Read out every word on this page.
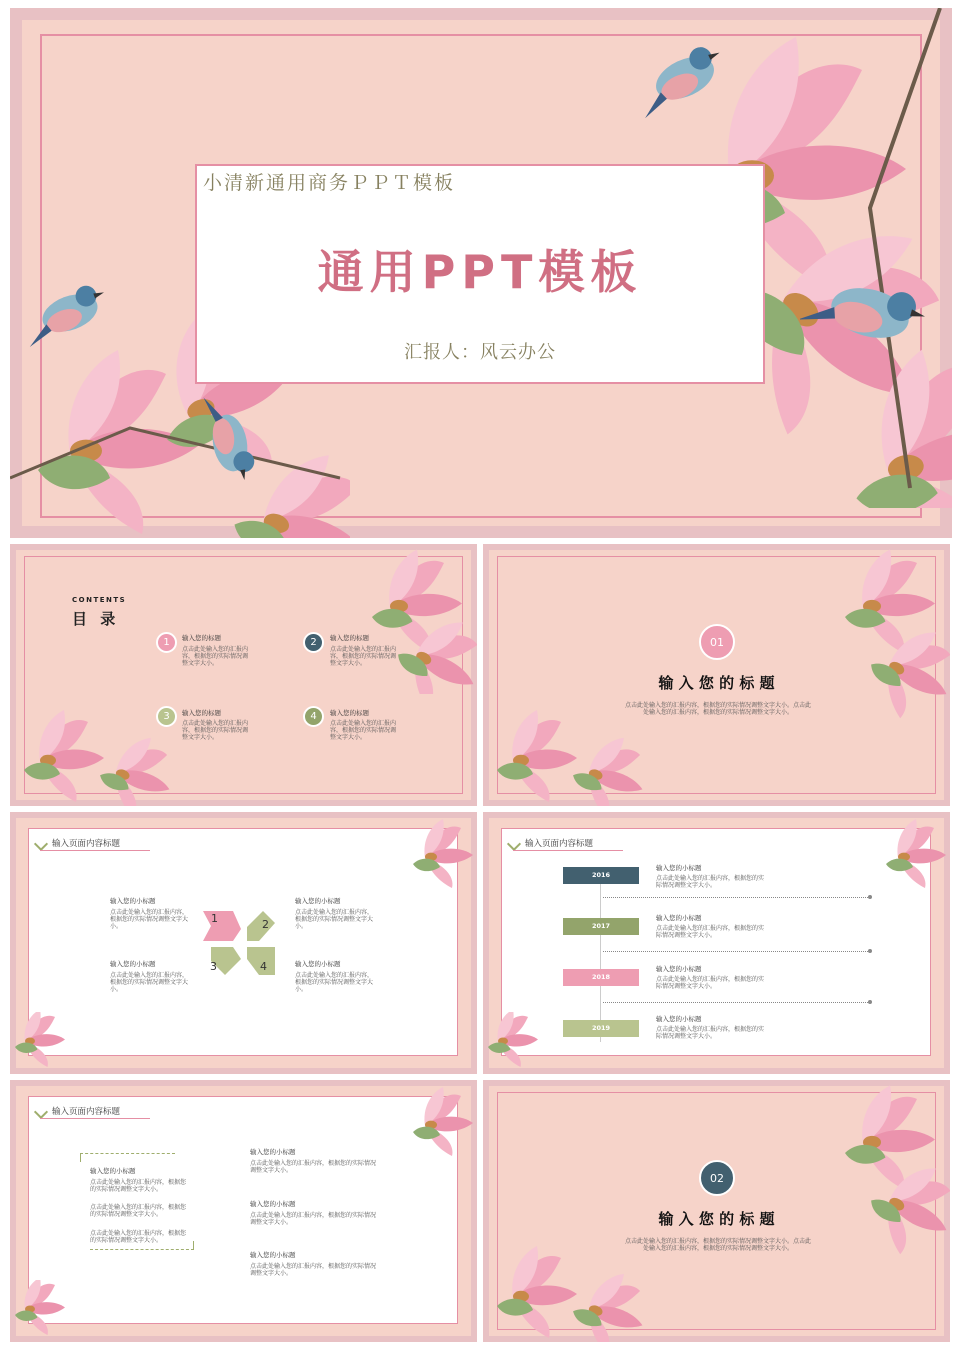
小清新通用商务ＰＰＴ模板
通用PPT模板
汇报人：风云办公
CONTENTS
目 录
1	输入您的标题
点击此处输入您的汇报内容，根据您的实际情况调整文字大小。
2	输入您的标题
点击此处输入您的汇报内容，根据您的实际情况调整文字大小。
3	输入您的标题
点击此处输入您的汇报内容，根据您的实际情况调整文字大小。
4	输入您的标题
点击此处输入您的汇报内容，根据您的实际情况调整文字大小。
01
输 入 您 的 标 题
点击此处输入您的汇报内容，根据您的实际情况调整文字大小。点击此处输入您的汇报内容，根据您的实际情况调整文字大小。
输入页面内容标题
1	2
3	4
输入您的小标题
点击此处输入您的汇报内容，根据您的实际情况调整文字大小。
输入您的小标题
点击此处输入您的汇报内容，根据您的实际情况调整文字大小。
输入您的小标题
点击此处输入您的汇报内容，根据您的实际情况调整文字大小。
输入您的小标题
点击此处输入您的汇报内容，根据您的实际情况调整文字大小。
输入页面内容标题
2016
输入您的小标题
点击此处输入您的汇报内容，根据您的实际情况调整文字大小。
2017
输入您的小标题
点击此处输入您的汇报内容，根据您的实际情况调整文字大小。
2018
输入您的小标题
点击此处输入您的汇报内容，根据您的实际情况调整文字大小。
2019
输入您的小标题
点击此处输入您的汇报内容，根据您的实际情况调整文字大小。
输入页面内容标题
输入您的小标题
点击此处输入您的汇报内容，根据您的实际情况调整文字大小。
点击此处输入您的汇报内容，根据您的实际情况调整文字大小。
点击此处输入您的汇报内容，根据您的实际情况调整文字大小。
输入您的小标题
点击此处输入您的汇报内容，根据您的实际情况调整文字大小。
输入您的小标题
点击此处输入您的汇报内容，根据您的实际情况调整文字大小。
输入您的小标题
点击此处输入您的汇报内容，根据您的实际情况调整文字大小。
02
输 入 您 的 标 题
点击此处输入您的汇报内容，根据您的实际情况调整文字大小。点击此处输入您的汇报内容，根据您的实际情况调整文字大小。
